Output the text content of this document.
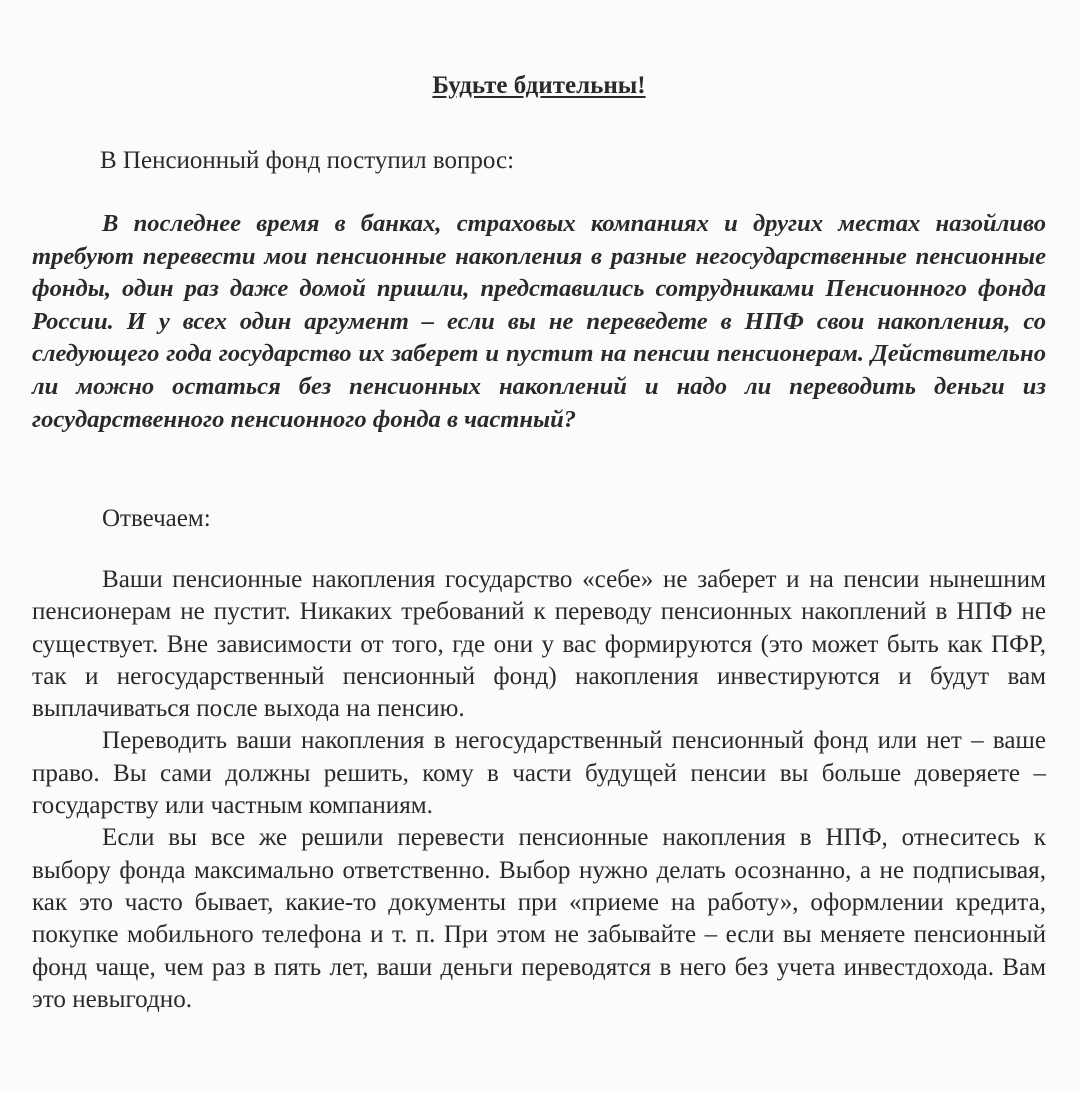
Будьте бдительны!

В Пенсионный фонд поступил вопрос:

В последнее время в банках, страховых компаниях и других местах назойливо требуют перевести мои пенсионные накопления в разные негосударственные пенсионные фонды, один раз даже домой пришли, представились сотрудниками Пенсионного фонда России. И у всех один аргумент – если вы не переведете в НПФ свои накопления, со следующего года государство их заберет и пустит на пенсии пенсионерам. Действительно ли можно остаться без пенсионных накоплений и надо ли переводить деньги из государственного пенсионного фонда в частный?

Отвечаем:

Ваши пенсионные накопления государство «себе» не заберет и на пенсии нынешним пенсионерам не пустит. Никаких требований к переводу пенсионных накоплений в НПФ не существует. Вне зависимости от того, где они у вас формируются (это может быть как ПФР, так и негосударственный пенсионный фонд) накопления инвестируются и будут вам выплачиваться после выхода на пенсию.

Переводить ваши накопления в негосударственный пенсионный фонд или нет – ваше право. Вы сами должны решить, кому в части будущей пенсии вы больше доверяете – государству или частным компаниям.

Если вы все же решили перевести пенсионные накопления в НПФ, отнеситесь к выбору фонда максимально ответственно. Выбор нужно делать осознанно, а не подписывая, как это часто бывает, какие-то документы при «приеме на работу», оформлении кредита, покупке мобильного телефона и т. п. При этом не забывайте – если вы меняете пенсионный фонд чаще, чем раз в пять лет, ваши деньги переводятся в него без учета инвестдохода. Вам это невыгодно.
